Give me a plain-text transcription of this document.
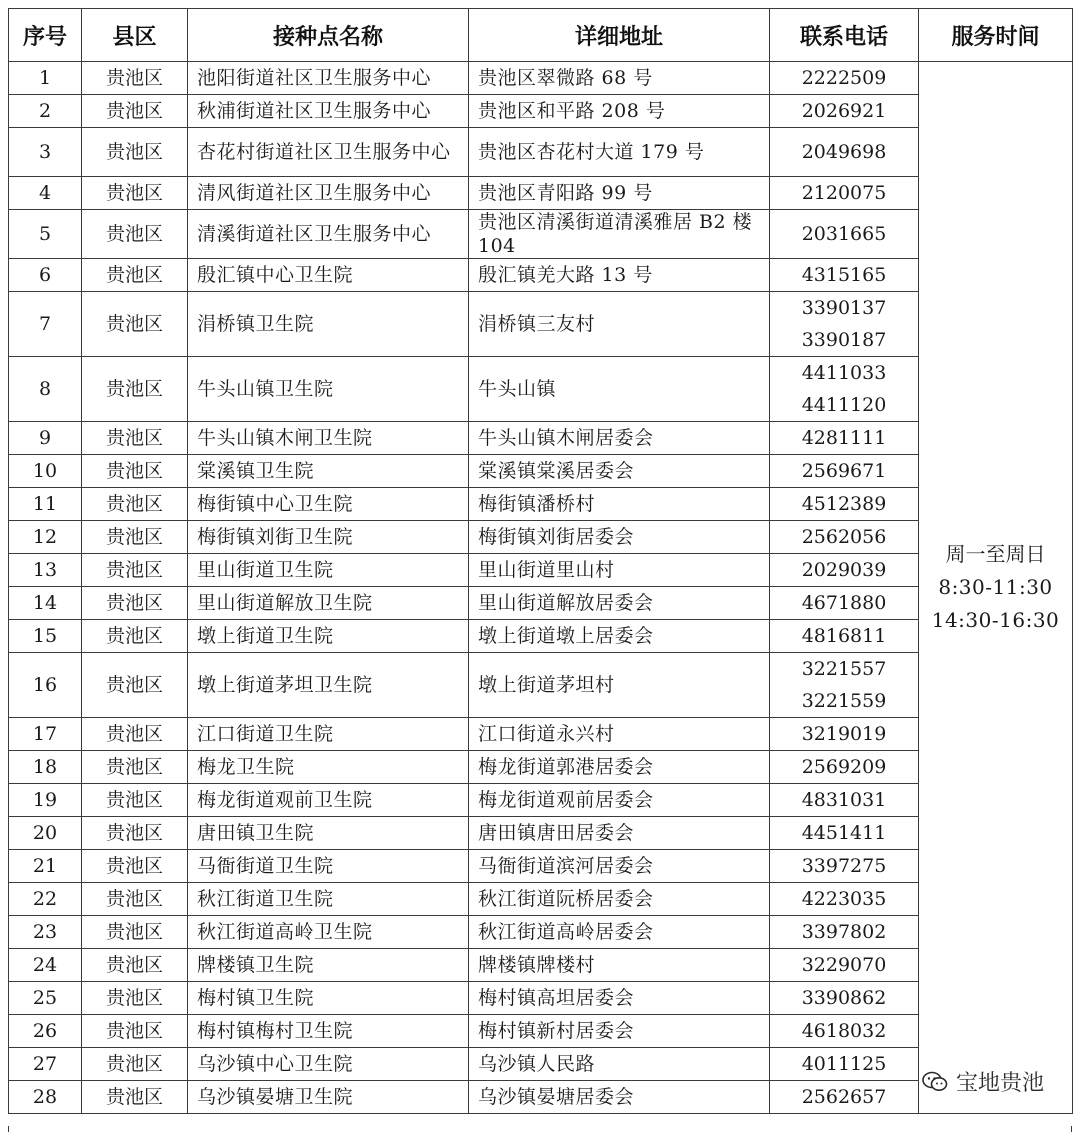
序号	县区	接种点名称	详细地址	联系电话	服务时间
1	贵池区	池阳街道社区卫生服务中心	贵池区翠微路 68 号	2222509	周一至周日
8:30-11:30
14:30-16:30

2	贵池区	秋浦街道社区卫生服务中心	贵池区和平路 208 号	2026921	

3	贵池区	杏花村街道社区卫生服务中心	贵池区杏花村大道 179 号	2049698	

4	贵池区	清风街道社区卫生服务中心	贵池区青阳路 99 号	2120075	

5	贵池区	清溪街道社区卫生服务中心	贵池区清溪街道清溪雅居 B2 楼 104	2031665	

6	贵池区	殷汇镇中心卫生院	殷汇镇羌大路 13 号	4315165	

7	贵池区	涓桥镇卫生院	涓桥镇三友村	3390137
3390187	

8	贵池区	牛头山镇卫生院	牛头山镇	4411033
4411120	

9	贵池区	牛头山镇木闸卫生院	牛头山镇木闸居委会	4281111	

10	贵池区	棠溪镇卫生院	棠溪镇棠溪居委会	2569671	

11	贵池区	梅街镇中心卫生院	梅街镇潘桥村	4512389	

12	贵池区	梅街镇刘街卫生院	梅街镇刘街居委会	2562056	

13	贵池区	里山街道卫生院	里山街道里山村	2029039	

14	贵池区	里山街道解放卫生院	里山街道解放居委会	4671880	

15	贵池区	墩上街道卫生院	墩上街道墩上居委会	4816811	

16	贵池区	墩上街道茅坦卫生院	墩上街道茅坦村	3221557
3221559	

17	贵池区	江口街道卫生院	江口街道永兴村	3219019	

18	贵池区	梅龙卫生院	梅龙街道郭港居委会	2569209	

19	贵池区	梅龙街道观前卫生院	梅龙街道观前居委会	4831031	

20	贵池区	唐田镇卫生院	唐田镇唐田居委会	4451411	

21	贵池区	马衙街道卫生院	马衙街道滨河居委会	3397275	

22	贵池区	秋江街道卫生院	秋江街道阮桥居委会	4223035	

23	贵池区	秋江街道高岭卫生院	秋江街道高岭居委会	3397802	

24	贵池区	牌楼镇卫生院	牌楼镇牌楼村	3229070	

25	贵池区	梅村镇卫生院	梅村镇高坦居委会	3390862	

26	贵池区	梅村镇梅村卫生院	梅村镇新村居委会	4618032	

27	贵池区	乌沙镇中心卫生院	乌沙镇人民路	4011125	

28	贵池区	乌沙镇晏塘卫生院	乌沙镇晏塘居委会	2562657	
宝地贵池
